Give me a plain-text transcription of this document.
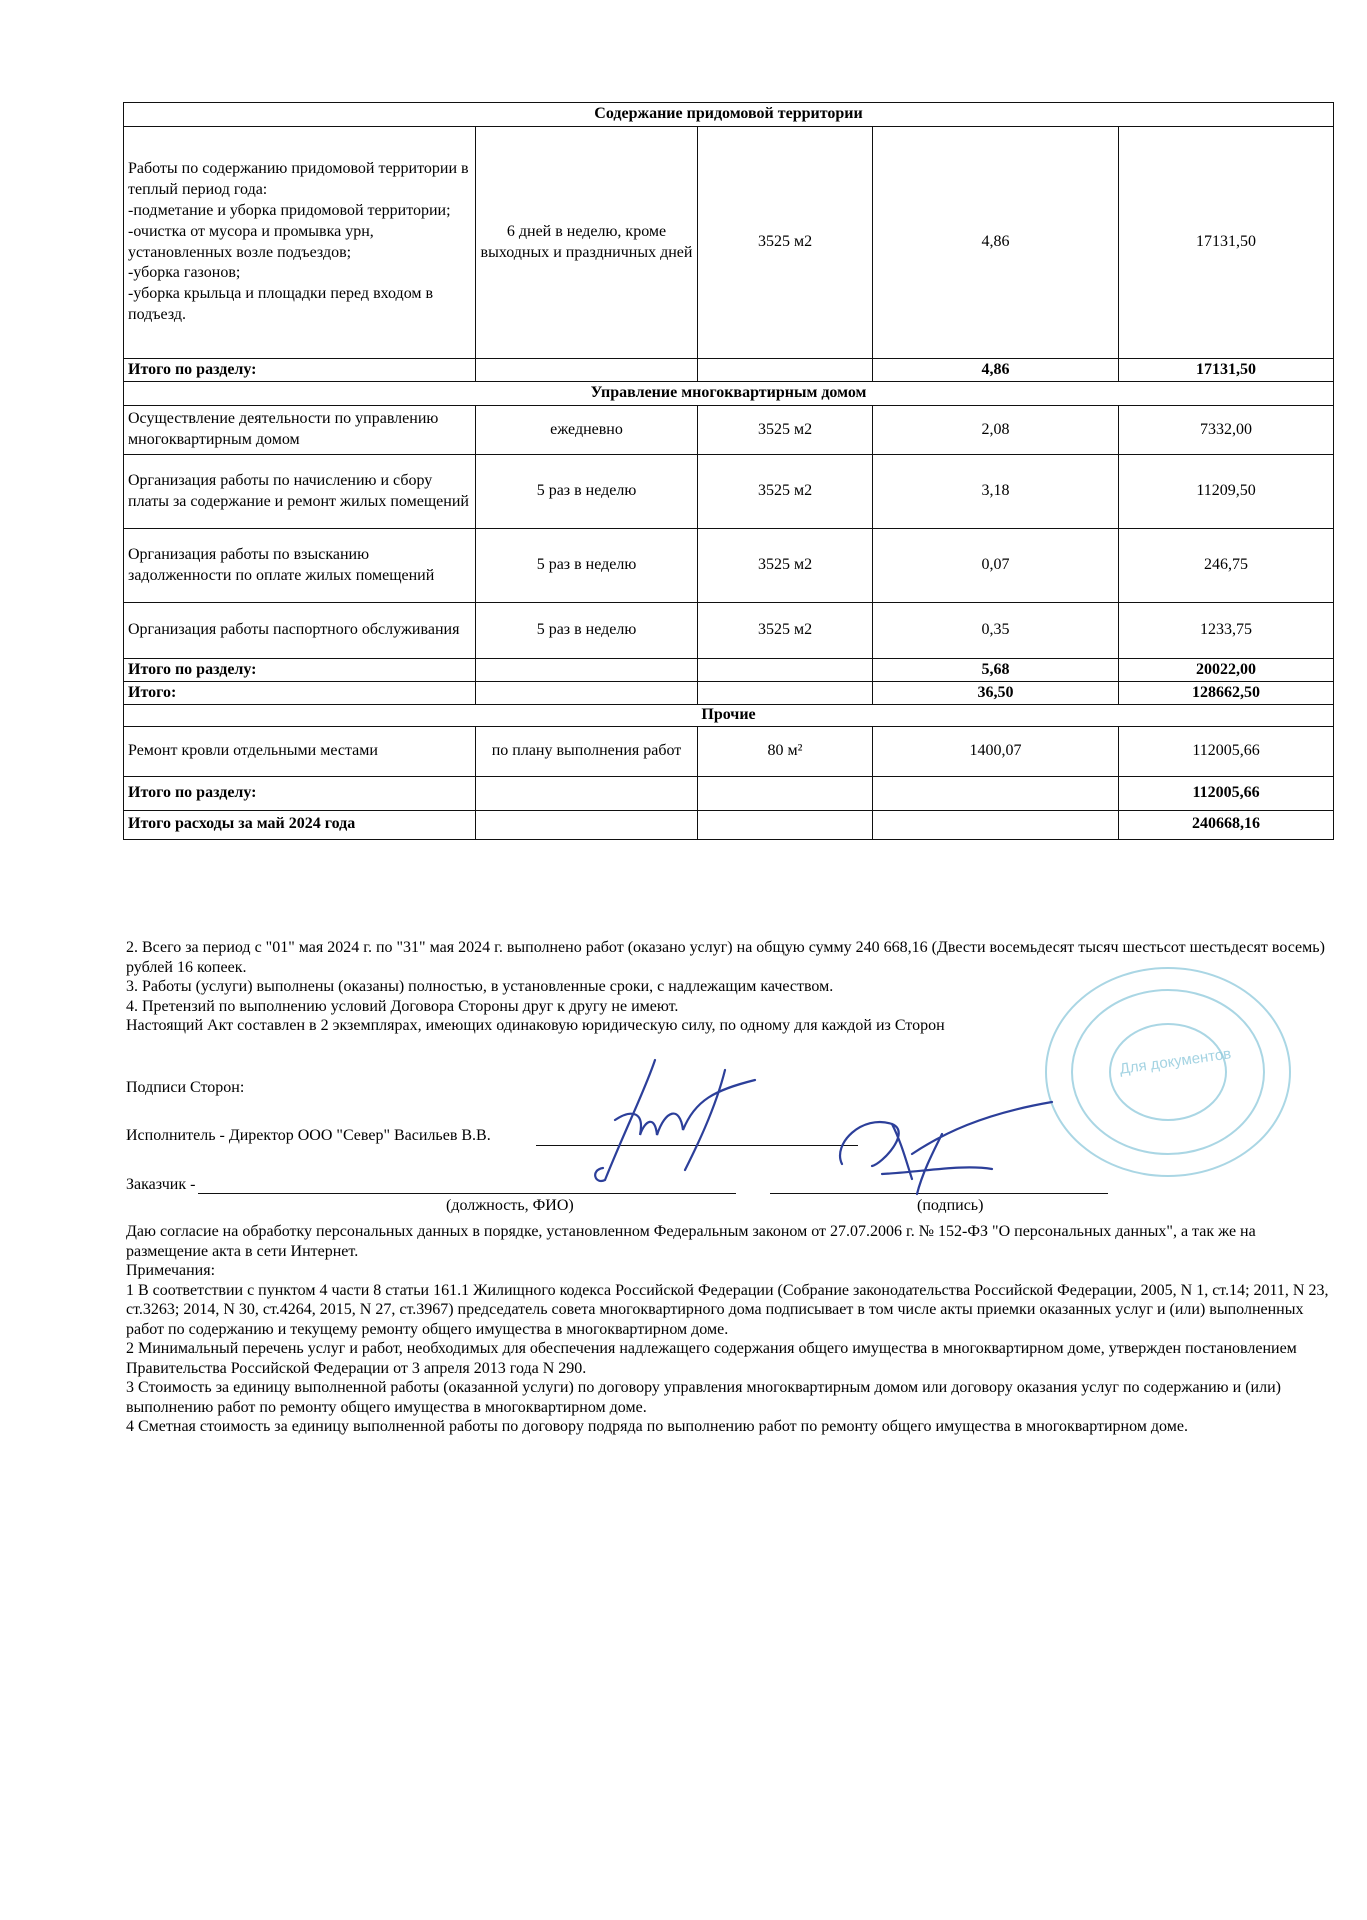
Содержание придомовой территории				
Работы по содержанию придомовой территории в теплый период года:
-подметание и уборка придомовой территории;
-очистка от мусора и промывка урн, установленных возле подъездов;
-уборка газонов;
-уборка крыльца и площадки перед входом в подъезд.	6 дней в неделю, кроме выходных и праздничных дней	3525 м2	4,86	17131,50
Итого по разделу:			4,86	17131,50
Управление многоквартирным домом				
Осуществление деятельности по управлению многоквартирным домом	ежедневно	3525 м2	2,08	7332,00
Организация работы по начислению и сбору платы за содержание и ремонт жилых помещений	5 раз в неделю	3525 м2	3,18	11209,50
Организация работы по взысканию задолженности по оплате жилых помещений	5 раз в неделю	3525 м2	0,07	246,75
Организация работы паспортного обслуживания	5 раз в неделю	3525 м2	0,35	1233,75
Итого по разделу:			5,68	20022,00
Итого:			36,50	128662,50
Прочие				
Ремонт кровли отдельными местами	по плану выполнения работ	80 м²	1400,07	112005,66
Итого по разделу:				112005,66
Итого расходы за май 2024 года				240668,16

2. Всего за период с "01" мая 2024 г. по "31" мая 2024 г. выполнено работ (оказано услуг) на общую сумму 240 668,16 (Двести восемьдесят тысяч шестьсот шестьдесят восемь) рублей 16 копеек.

3. Работы (услуги) выполнены (оказаны) полностью, в установленные сроки, с надлежащим качеством.

4. Претензий по выполнению условий Договора Стороны друг к другу не имеют.

Настоящий Акт составлен в 2 экземплярах, имеющих одинаковую юридическую силу, по одному для каждой из Сторон

Подписи Сторон:
Исполнитель - Директор ООО "Север" Васильев В.В.
Заказчик -
(должность, ФИО)	(подпись)
Для документов

Даю согласие на обработку персональных данных в порядке, установленном Федеральным законом от 27.07.2006 г. № 152-ФЗ "О персональных данных", а так же на размещение акта в сети Интернет.

Примечания:

1 В соответствии с пунктом 4 части 8 статьи 161.1 Жилищного кодекса Российской Федерации (Собрание законодательства Российской Федерации, 2005, N 1, ст.14; 2011, N 23, ст.3263; 2014, N 30, ст.4264, 2015, N 27, ст.3967) председатель совета многоквартирного дома подписывает в том числе акты приемки оказанных услуг и (или) выполненных работ по содержанию и текущему ремонту общего имущества в многоквартирном доме.

2 Минимальный перечень услуг и работ, необходимых для обеспечения надлежащего содержания общего имущества в многоквартирном доме, утвержден постановлением Правительства Российской Федерации от 3 апреля 2013 года N 290.

3 Стоимость за единицу выполненной работы (оказанной услуги) по договору управления многоквартирным домом или договору оказания услуг по содержанию и (или) выполнению работ по ремонту общего имущества в многоквартирном доме.

4 Сметная стоимость за единицу выполненной работы по договору подряда по выполнению работ по ремонту общего имущества в многоквартирном доме.
